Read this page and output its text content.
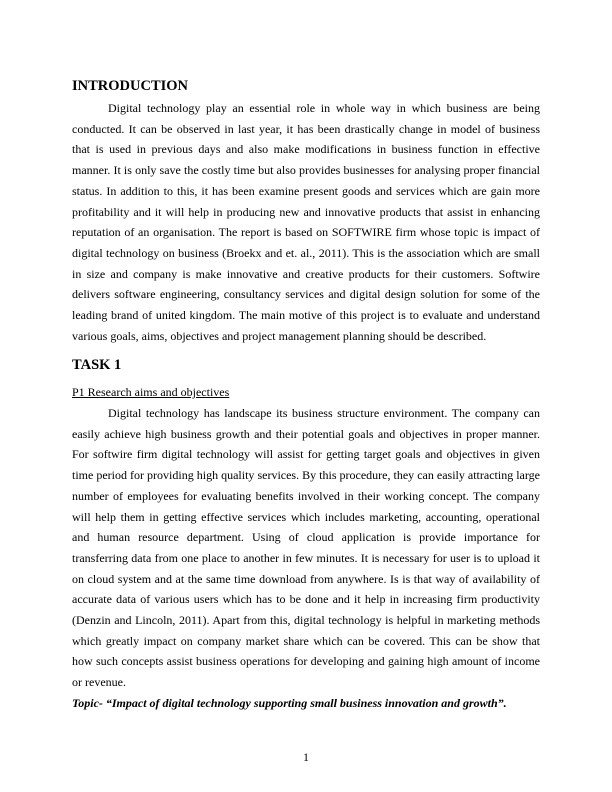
INTRODUCTION

Digital technology play an essential role in whole way in which business are being conducted. It can be observed in last year, it has been drastically change in model of business that is used in previous days and also make modifications in business function in effective manner. It is only save the costly time but also provides businesses for analysing proper financial status. In addition to this, it has been examine present goods and services which are gain more profitability and it will help in producing new and innovative products that assist in enhancing reputation of an organisation. The report is based on SOFTWIRE firm whose topic is impact of digital technology on business (Broekx and et. al., 2011). This is the association which are small in size and company is make innovative and creative products for their customers. Softwire delivers software engineering, consultancy services and digital design solution for some of the leading brand of united kingdom. The main motive of this project is to evaluate and understand various goals, aims, objectives and project management planning should be described.

TASK 1
P1 Research aims and objectives

Digital technology has landscape its business structure environment. The company can easily achieve high business growth and their potential goals and objectives in proper manner. For softwire firm digital technology will assist for getting target goals and objectives in given time period for providing high quality services. By this procedure, they can easily attracting large number of employees for evaluating benefits involved in their working concept. The company will help them in getting effective services which includes marketing, accounting, operational and human resource department. Using of cloud application is provide importance for transferring data from one place to another in few minutes. It is necessary for user is to upload it on cloud system and at the same time download from anywhere. Is is that way of availability of accurate data of various users which has to be done and it help in increasing firm productivity (Denzin and Lincoln, 2011). Apart from this, digital technology is helpful in marketing methods which greatly impact on company market share which can be covered. This can be show that how such concepts assist business operations for developing and gaining high amount of income or revenue.

Topic- “Impact of digital technology supporting small business innovation and growth”.
1
